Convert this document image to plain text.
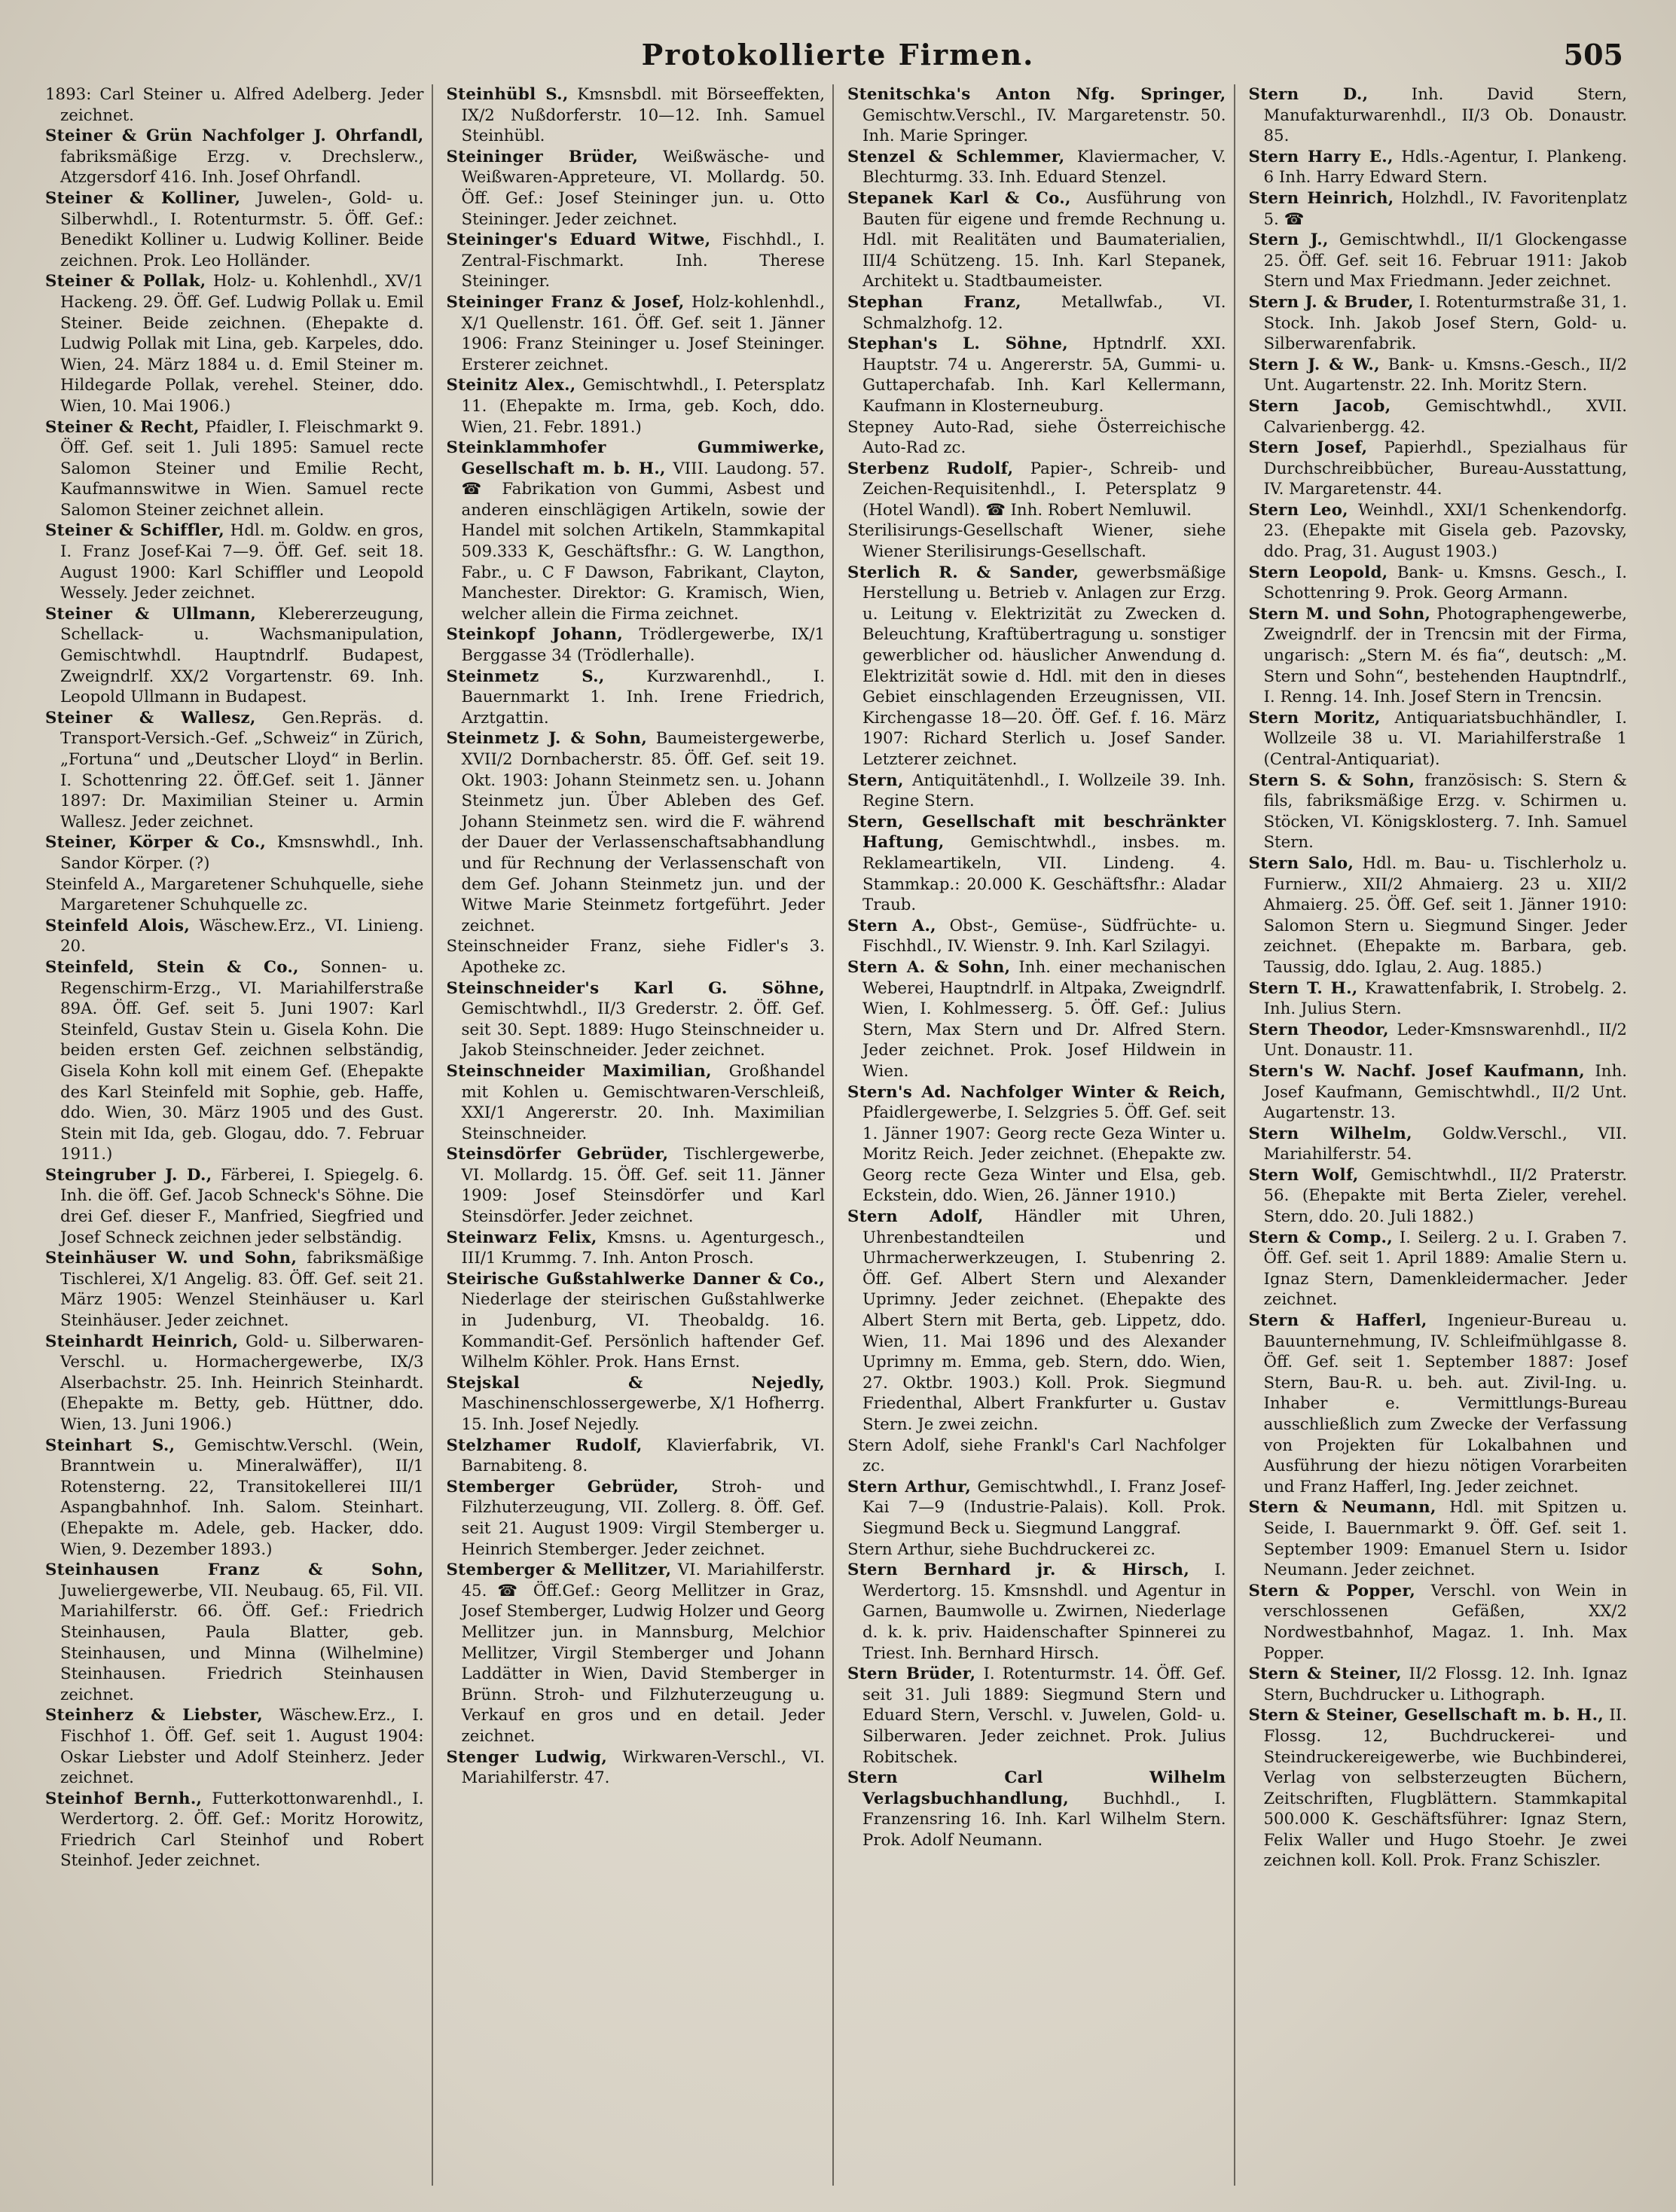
Protokollierte Firmen.	505

1893: Carl Steiner u. Alfred Adelberg. Jeder zeichnet.

Steiner & Grün Nachfolger J. Ohrfandl, fabriksmäßige Erzg. v. Drechslerw., Atzgersdorf 416. Inh. Josef Ohrfandl.

Steiner & Kolliner, Juwelen-, Gold- u. Silberwhdl., I. Rotenturmstr. 5. Öff. Gef.: Benedikt Kolliner u. Ludwig Kolliner. Beide zeichnen. Prok. Leo Holländer.

Steiner & Pollak, Holz- u. Kohlenhdl., XV/1 Hackeng. 29. Öff. Gef. Ludwig Pollak u. Emil Steiner. Beide zeichnen. (Ehepakte d. Ludwig Pollak mit Lina, geb. Karpeles, ddo. Wien, 24. März 1884 u. d. Emil Steiner m. Hildegarde Pollak, verehel. Steiner, ddo. Wien, 10. Mai 1906.)

Steiner & Recht, Pfaidler, I. Fleischmarkt 9. Öff. Gef. seit 1. Juli 1895: Samuel recte Salomon Steiner und Emilie Recht, Kaufmannswitwe in Wien. Samuel recte Salomon Steiner zeichnet allein.

Steiner & Schiffler, Hdl. m. Goldw. en gros, I. Franz Josef-Kai 7—9. Öff. Gef. seit 18. August 1900: Karl Schiffler und Leopold Wessely. Jeder zeichnet.

Steiner & Ullmann, Klebererzeugung, Schellack- u. Wachsmanipulation, Gemischtwhdl. Hauptndrlf. Budapest, Zweigndrlf. XX/2 Vorgartenstr. 69. Inh. Leopold Ullmann in Budapest.

Steiner & Wallesz, Gen.Repräs. d. Transport-Versich.-Gef. „Schweiz“ in Zürich, „Fortuna“ und „Deutscher Lloyd“ in Berlin. I. Schottenring 22. Öff.Gef. seit 1. Jänner 1897: Dr. Maximilian Steiner u. Armin Wallesz. Jeder zeichnet.

Steiner, Körper & Co., Kmsnswhdl., Inh. Sandor Körper. (?)

Steinfeld A., Margaretener Schuhquelle, siehe Margaretener Schuhquelle zc.

Steinfeld Alois, Wäschew.Erz., VI. Linieng. 20.

Steinfeld, Stein & Co., Sonnen- u. Regenschirm-Erzg., VI. Mariahilferstraße 89A. Öff. Gef. seit 5. Juni 1907: Karl Steinfeld, Gustav Stein u. Gisela Kohn. Die beiden ersten Gef. zeichnen selbständig, Gisela Kohn koll mit einem Gef. (Ehepakte des Karl Steinfeld mit Sophie, geb. Haffe, ddo. Wien, 30. März 1905 und des Gust. Stein mit Ida, geb. Glogau, ddo. 7. Februar 1911.)

Steingruber J. D., Färberei, I. Spiegelg. 6. Inh. die öff. Gef. Jacob Schneck's Söhne. Die drei Gef. dieser F., Manfried, Siegfried und Josef Schneck zeichnen jeder selbständig.

Steinhäuser W. und Sohn, fabriksmäßige Tischlerei, X/1 Angelig. 83. Öff. Gef. seit 21. März 1905: Wenzel Steinhäuser u. Karl Steinhäuser. Jeder zeichnet.

Steinhardt Heinrich, Gold- u. Silberwaren-Verschl. u. Hormachergewerbe, IX/3 Alserbachstr. 25. Inh. Heinrich Steinhardt. (Ehepakte m. Betty, geb. Hüttner, ddo. Wien, 13. Juni 1906.)

Steinhart S., Gemischtw.Verschl. (Wein, Branntwein u. Mineralwäffer), II/1 Rotensterng. 22, Transitokellerei III/1 Aspangbahnhof. Inh. Salom. Steinhart. (Ehepakte m. Adele, geb. Hacker, ddo. Wien, 9. Dezember 1893.)

Steinhausen Franz & Sohn, Juweliergewerbe, VII. Neubaug. 65, Fil. VII. Mariahilferstr. 66. Öff. Gef.: Friedrich Steinhausen, Paula Blatter, geb. Steinhausen, und Minna (Wilhelmine) Steinhausen. Friedrich Steinhausen zeichnet.

Steinherz & Liebster, Wäschew.Erz., I. Fischhof 1. Öff. Gef. seit 1. August 1904: Oskar Liebster und Adolf Steinherz. Jeder zeichnet.

Steinhof Bernh., Futterkottonwarenhdl., I. Werdertorg. 2. Öff. Gef.: Moritz Horowitz, Friedrich Carl Steinhof und Robert Steinhof. Jeder zeichnet.

Steinhübl S., Kmsnsbdl. mit Börseeffekten, IX/2 Nußdorferstr. 10—12. Inh. Samuel Steinhübl.

Steininger Brüder, Weißwäsche- und Weißwaren-Appreteure, VI. Mollardg. 50. Öff. Gef.: Josef Steininger jun. u. Otto Steininger. Jeder zeichnet.

Steininger's Eduard Witwe, Fischhdl., I. Zentral-Fischmarkt. Inh. Therese Steininger.

Steininger Franz & Josef, Holz-kohlenhdl., X/1 Quellenstr. 161. Öff. Gef. seit 1. Jänner 1906: Franz Steininger u. Josef Steininger. Ersterer zeichnet.

Steinitz Alex., Gemischtwhdl., I. Petersplatz 11. (Ehepakte m. Irma, geb. Koch, ddo. Wien, 21. Febr. 1891.)

Steinklammhofer Gummiwerke, Gesellschaft m. b. H., VIII. Laudong. 57. ☎ Fabrikation von Gummi, Asbest und anderen einschlägigen Artikeln, sowie der Handel mit solchen Artikeln, Stammkapital 509.333 K, Geschäftsfhr.: G. W. Langthon, Fabr., u. C F Dawson, Fabrikant, Clayton, Manchester. Direktor: G. Kramisch, Wien, welcher allein die Firma zeichnet.

Steinkopf Johann, Trödlergewerbe, IX/1 Berggasse 34 (Trödlerhalle).

Steinmetz S., Kurzwarenhdl., I. Bauernmarkt 1. Inh. Irene Friedrich, Arztgattin.

Steinmetz J. & Sohn, Baumeistergewerbe, XVII/2 Dornbacherstr. 85. Öff. Gef. seit 19. Okt. 1903: Johann Steinmetz sen. u. Johann Steinmetz jun. Über Ableben des Gef. Johann Steinmetz sen. wird die F. während der Dauer der Verlassenschaftsabhandlung und für Rechnung der Verlassenschaft von dem Gef. Johann Steinmetz jun. und der Witwe Marie Steinmetz fortgeführt. Jeder zeichnet.

Steinschneider Franz, siehe Fidler's 3. Apotheke zc.

Steinschneider's Karl G. Söhne, Gemischtwhdl., II/3 Grederstr. 2. Öff. Gef. seit 30. Sept. 1889: Hugo Steinschneider u. Jakob Steinschneider. Jeder zeichnet.

Steinschneider Maximilian, Großhandel mit Kohlen u. Gemischtwaren-Verschleiß, XXI/1 Angererstr. 20. Inh. Maximilian Steinschneider.

Steinsdörfer Gebrüder, Tischlergewerbe, VI. Mollardg. 15. Öff. Gef. seit 11. Jänner 1909: Josef Steinsdörfer und Karl Steinsdörfer. Jeder zeichnet.

Steinwarz Felix, Kmsns. u. Agenturgesch., III/1 Krummg. 7. Inh. Anton Prosch.

Steirische Gußstahlwerke Danner & Co., Niederlage der steirischen Gußstahlwerke in Judenburg, VI. Theobaldg. 16. Kommandit-Gef. Persönlich haftender Gef. Wilhelm Köhler. Prok. Hans Ernst.

Stejskal & Nejedly, Maschinenschlossergewerbe, X/1 Hofherrg. 15. Inh. Josef Nejedly.

Stelzhamer Rudolf, Klavierfabrik, VI. Barnabiteng. 8.

Stemberger Gebrüder, Stroh- und Filzhuterzeugung, VII. Zollerg. 8. Öff. Gef. seit 21. August 1909: Virgil Stemberger u. Heinrich Stemberger. Jeder zeichnet.

Stemberger & Mellitzer, VI. Mariahilferstr. 45. ☎ Öff.Gef.: Georg Mellitzer in Graz, Josef Stemberger, Ludwig Holzer und Georg Mellitzer jun. in Mannsburg, Melchior Mellitzer, Virgil Stemberger und Johann Laddätter in Wien, David Stemberger in Brünn. Stroh- und Filzhuterzeugung u. Verkauf en gros und en detail. Jeder zeichnet.

Stenger Ludwig, Wirkwaren-Verschl., VI. Mariahilferstr. 47.

Stenitschka's Anton Nfg. Springer, Gemischtw.Verschl., IV. Margaretenstr. 50. Inh. Marie Springer.

Stenzel & Schlemmer, Klaviermacher, V. Blechturmg. 33. Inh. Eduard Stenzel.

Stepanek Karl & Co., Ausführung von Bauten für eigene und fremde Rechnung u. Hdl. mit Realitäten und Baumaterialien, III/4 Schützeng. 15. Inh. Karl Stepanek, Architekt u. Stadtbaumeister.

Stephan Franz, Metallwfab., VI. Schmalzhofg. 12.

Stephan's L. Söhne, Hptndrlf. XXI. Hauptstr. 74 u. Angererstr. 5A, Gummi- u. Guttaperchafab. Inh. Karl Kellermann, Kaufmann in Klosterneuburg.

Stepney Auto-Rad, siehe Österreichische Auto-Rad zc.

Sterbenz Rudolf, Papier-, Schreib- und Zeichen-Requisitenhdl., I. Petersplatz 9 (Hotel Wandl). ☎ Inh. Robert Nemluwil.

Sterilisirungs-Gesellschaft Wiener, siehe Wiener Sterilisirungs-Gesellschaft.

Sterlich R. & Sander, gewerbsmäßige Herstellung u. Betrieb v. Anlagen zur Erzg. u. Leitung v. Elektrizität zu Zwecken d. Beleuchtung, Kraftübertragung u. sonstiger gewerblicher od. häuslicher Anwendung d. Elektrizität sowie d. Hdl. mit den in dieses Gebiet einschlagenden Erzeugnissen, VII. Kirchengasse 18—20. Öff. Gef. f. 16. März 1907: Richard Sterlich u. Josef Sander. Letzterer zeichnet.

Stern, Antiquitätenhdl., I. Wollzeile 39. Inh. Regine Stern.

Stern, Gesellschaft mit beschränkter Haftung, Gemischtwhdl., insbes. m. Reklameartikeln, VII. Lindeng. 4. Stammkap.: 20.000 K. Geschäftsfhr.: Aladar Traub.

Stern A., Obst-, Gemüse-, Südfrüchte- u. Fischhdl., IV. Wienstr. 9. Inh. Karl Szilagyi.

Stern A. & Sohn, Inh. einer mechanischen Weberei, Hauptndrlf. in Altpaka, Zweigndrlf. Wien, I. Kohlmesserg. 5. Öff. Gef.: Julius Stern, Max Stern und Dr. Alfred Stern. Jeder zeichnet. Prok. Josef Hildwein in Wien.

Stern's Ad. Nachfolger Winter & Reich, Pfaidlergewerbe, I. Selzgries 5. Öff. Gef. seit 1. Jänner 1907: Georg recte Geza Winter u. Moritz Reich. Jeder zeichnet. (Ehepakte zw. Georg recte Geza Winter und Elsa, geb. Eckstein, ddo. Wien, 26. Jänner 1910.)

Stern Adolf, Händler mit Uhren, Uhrenbestandteilen und Uhrmacherwerkzeugen, I. Stubenring 2. Öff. Gef. Albert Stern und Alexander Uprimny. Jeder zeichnet. (Ehepakte des Albert Stern mit Berta, geb. Lippetz, ddo. Wien, 11. Mai 1896 und des Alexander Uprimny m. Emma, geb. Stern, ddo. Wien, 27. Oktbr. 1903.) Koll. Prok. Siegmund Friedenthal, Albert Frankfurter u. Gustav Stern. Je zwei zeichn.

Stern Adolf, siehe Frankl's Carl Nachfolger zc.

Stern Arthur, Gemischtwhdl., I. Franz Josef-Kai 7—9 (Industrie-Palais). Koll. Prok. Siegmund Beck u. Siegmund Langgraf.

Stern Arthur, siehe Buchdruckerei zc.

Stern Bernhard jr. & Hirsch, I. Werdertorg. 15. Kmsnshdl. und Agentur in Garnen, Baumwolle u. Zwirnen, Niederlage d. k. k. priv. Haidenschafter Spinnerei zu Triest. Inh. Bernhard Hirsch.

Stern Brüder, I. Rotenturmstr. 14. Öff. Gef. seit 31. Juli 1889: Siegmund Stern und Eduard Stern, Verschl. v. Juwelen, Gold- u. Silberwaren. Jeder zeichnet. Prok. Julius Robitschek.

Stern Carl Wilhelm Verlagsbuchhandlung, Buchhdl., I. Franzensring 16. Inh. Karl Wilhelm Stern. Prok. Adolf Neumann.

Stern D., Inh. David Stern, Manufakturwarenhdl., II/3 Ob. Donaustr. 85.

Stern Harry E., Hdls.-Agentur, I. Plankeng. 6 Inh. Harry Edward Stern.

Stern Heinrich, Holzhdl., IV. Favoritenplatz 5. ☎

Stern J., Gemischtwhdl., II/1 Glockengasse 25. Öff. Gef. seit 16. Februar 1911: Jakob Stern und Max Friedmann. Jeder zeichnet.

Stern J. & Bruder, I. Rotenturmstraße 31, 1. Stock. Inh. Jakob Josef Stern, Gold- u. Silberwarenfabrik.

Stern J. & W., Bank- u. Kmsns.-Gesch., II/2 Unt. Augartenstr. 22. Inh. Moritz Stern.

Stern Jacob, Gemischtwhdl., XVII. Calvarienbergg. 42.

Stern Josef, Papierhdl., Spezialhaus für Durchschreibbücher, Bureau-Ausstattung, IV. Margaretenstr. 44.

Stern Leo, Weinhdl., XXI/1 Schenkendorfg. 23. (Ehepakte mit Gisela geb. Pazovsky, ddo. Prag, 31. August 1903.)

Stern Leopold, Bank- u. Kmsns. Gesch., I. Schottenring 9. Prok. Georg Armann.

Stern M. und Sohn, Photographengewerbe, Zweigndrlf. der in Trencsin mit der Firma, ungarisch: „Stern M. és fia“, deutsch: „M. Stern und Sohn“, bestehenden Hauptndrlf., I. Renng. 14. Inh. Josef Stern in Trencsin.

Stern Moritz, Antiquariatsbuchhändler, I. Wollzeile 38 u. VI. Mariahilferstraße 1 (Central-Antiquariat).

Stern S. & Sohn, französisch: S. Stern & fils, fabriksmäßige Erzg. v. Schirmen u. Stöcken, VI. Königsklosterg. 7. Inh. Samuel Stern.

Stern Salo, Hdl. m. Bau- u. Tischlerholz u. Furnierw., XII/2 Ahmaierg. 23 u. XII/2 Ahmaierg. 25. Öff. Gef. seit 1. Jänner 1910: Salomon Stern u. Siegmund Singer. Jeder zeichnet. (Ehepakte m. Barbara, geb. Taussig, ddo. Iglau, 2. Aug. 1885.)

Stern T. H., Krawattenfabrik, I. Strobelg. 2. Inh. Julius Stern.

Stern Theodor, Leder-Kmsnswarenhdl., II/2 Unt. Donaustr. 11.

Stern's W. Nachf. Josef Kaufmann, Inh. Josef Kaufmann, Gemischtwhdl., II/2 Unt. Augartenstr. 13.

Stern Wilhelm, Goldw.Verschl., VII. Mariahilferstr. 54.

Stern Wolf, Gemischtwhdl., II/2 Praterstr. 56. (Ehepakte mit Berta Zieler, verehel. Stern, ddo. 20. Juli 1882.)

Stern & Comp., I. Seilerg. 2 u. I. Graben 7. Öff. Gef. seit 1. April 1889: Amalie Stern u. Ignaz Stern, Damenkleidermacher. Jeder zeichnet.

Stern & Hafferl, Ingenieur-Bureau u. Bauunternehmung, IV. Schleifmühlgasse 8. Öff. Gef. seit 1. September 1887: Josef Stern, Bau-R. u. beh. aut. Zivil-Ing. u. Inhaber e. Vermittlungs-Bureau ausschließlich zum Zwecke der Verfassung von Projekten für Lokalbahnen und Ausführung der hiezu nötigen Vorarbeiten und Franz Hafferl, Ing. Jeder zeichnet.

Stern & Neumann, Hdl. mit Spitzen u. Seide, I. Bauernmarkt 9. Öff. Gef. seit 1. September 1909: Emanuel Stern u. Isidor Neumann. Jeder zeichnet.

Stern & Popper, Verschl. von Wein in verschlossenen Gefäßen, XX/2 Nordwestbahnhof, Magaz. 1. Inh. Max Popper.

Stern & Steiner, II/2 Flossg. 12. Inh. Ignaz Stern, Buchdrucker u. Lithograph.

Stern & Steiner, Gesellschaft m. b. H., II. Flossg. 12, Buchdruckerei- und Steindruckereigewerbe, wie Buchbinderei, Verlag von selbsterzeugten Büchern, Zeitschriften, Flugblättern. Stammkapital 500.000 K. Geschäftsführer: Ignaz Stern, Felix Waller und Hugo Stoehr. Je zwei zeichnen koll. Koll. Prok. Franz Schiszler.
